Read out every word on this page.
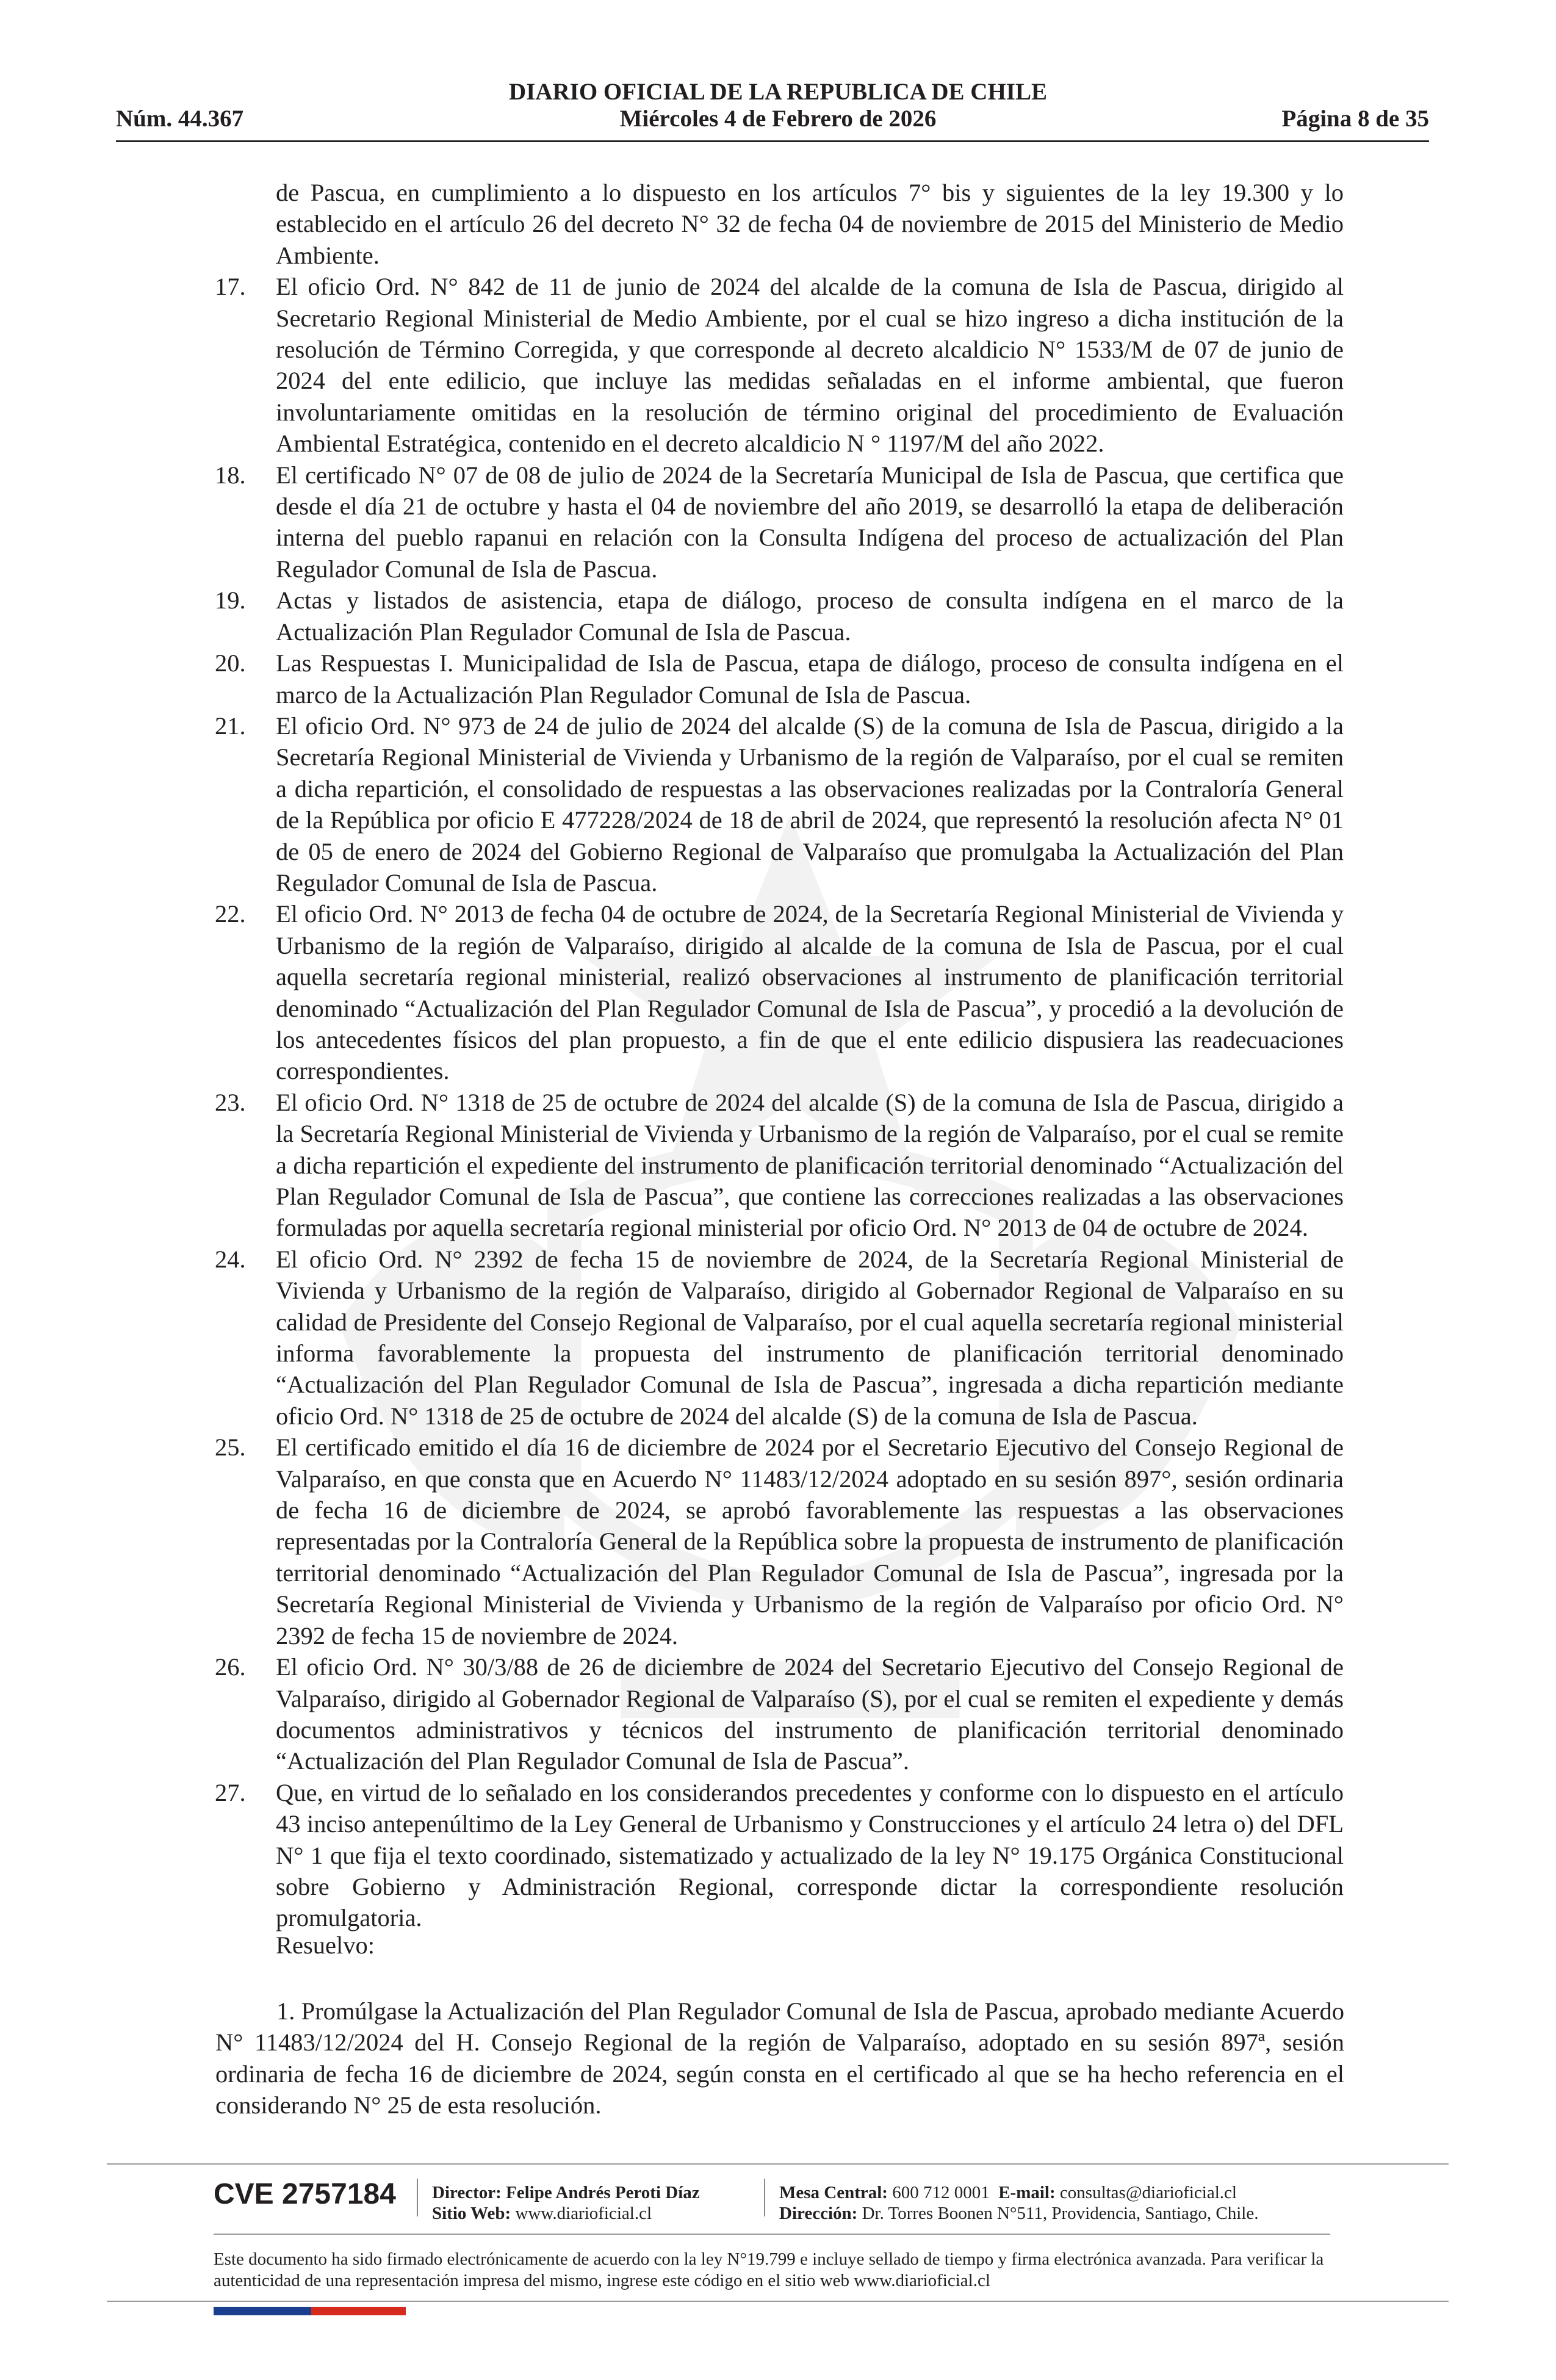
DIARIO OFICIAL DE LA REPUBLICA DE CHILE
Núm. 44.367	Miércoles 4 de Febrero de 2026	Página 8 de 35
de Pascua, en cumplimiento a lo dispuesto en los artículos 7° bis y siguientes de la ley 19.300 y lo establecido en el artículo 26 del decreto N° 32 de fecha 04 de noviembre de 2015 del Ministerio de Medio Ambiente.
17. El oficio Ord. N° 842 de 11 de junio de 2024 del alcalde de la comuna de Isla de Pascua, dirigido al Secretario Regional Ministerial de Medio Ambiente, por el cual se hizo ingreso a dicha institución de la resolución de Término Corregida, y que corresponde al decreto alcaldicio N° 1533/M de 07 de junio de 2024 del ente edilicio, que incluye las medidas señaladas en el informe ambiental, que fueron involuntariamente omitidas en la resolución de término original del procedimiento de Evaluación Ambiental Estratégica, contenido en el decreto alcaldicio N ° 1197/M del año 2022.
18. El certificado N° 07 de 08 de julio de 2024 de la Secretaría Municipal de Isla de Pascua, que certifica que desde el día 21 de octubre y hasta el 04 de noviembre del año 2019, se desarrolló la etapa de deliberación interna del pueblo rapanui en relación con la Consulta Indígena del proceso de actualización del Plan Regulador Comunal de Isla de Pascua.
19. Actas y listados de asistencia, etapa de diálogo, proceso de consulta indígena en el marco de la Actualización Plan Regulador Comunal de Isla de Pascua.
20. Las Respuestas I. Municipalidad de Isla de Pascua, etapa de diálogo, proceso de consulta indígena en el marco de la Actualización Plan Regulador Comunal de Isla de Pascua.
21. El oficio Ord. N° 973 de 24 de julio de 2024 del alcalde (S) de la comuna de Isla de Pascua, dirigido a la Secretaría Regional Ministerial de Vivienda y Urbanismo de la región de Valparaíso, por el cual se remiten a dicha repartición, el consolidado de respuestas a las observaciones realizadas por la Contraloría General de la República por oficio E 477228/2024 de 18 de abril de 2024, que representó la resolución afecta N° 01 de 05 de enero de 2024 del Gobierno Regional de Valparaíso que promulgaba la Actualización del Plan Regulador Comunal de Isla de Pascua.
22. El oficio Ord. N° 2013 de fecha 04 de octubre de 2024, de la Secretaría Regional Ministerial de Vivienda y Urbanismo de la región de Valparaíso, dirigido al alcalde de la comuna de Isla de Pascua, por el cual aquella secretaría regional ministerial, realizó observaciones al instrumento de planificación territorial denominado “Actualización del Plan Regulador Comunal de Isla de Pascua”, y procedió a la devolución de los antecedentes físicos del plan propuesto, a fin de que el ente edilicio dispusiera las readecuaciones correspondientes.
23. El oficio Ord. N° 1318 de 25 de octubre de 2024 del alcalde (S) de la comuna de Isla de Pascua, dirigido a la Secretaría Regional Ministerial de Vivienda y Urbanismo de la región de Valparaíso, por el cual se remite a dicha repartición el expediente del instrumento de planificación territorial denominado “Actualización del Plan Regulador Comunal de Isla de Pascua”, que contiene las correcciones realizadas a las observaciones formuladas por aquella secretaría regional ministerial por oficio Ord. N° 2013 de 04 de octubre de 2024.
24. El oficio Ord. N° 2392 de fecha 15 de noviembre de 2024, de la Secretaría Regional Ministerial de Vivienda y Urbanismo de la región de Valparaíso, dirigido al Gobernador Regional de Valparaíso en su calidad de Presidente del Consejo Regional de Valparaíso, por el cual aquella secretaría regional ministerial informa favorablemente la propuesta del instrumento de planificación territorial denominado “Actualización del Plan Regulador Comunal de Isla de Pascua”, ingresada a dicha repartición mediante oficio Ord. N° 1318 de 25 de octubre de 2024 del alcalde (S) de la comuna de Isla de Pascua.
25. El certificado emitido el día 16 de diciembre de 2024 por el Secretario Ejecutivo del Consejo Regional de Valparaíso, en que consta que en Acuerdo N° 11483/12/2024 adoptado en su sesión 897°, sesión ordinaria de fecha 16 de diciembre de 2024, se aprobó favorablemente las respuestas a las observaciones representadas por la Contraloría General de la República sobre la propuesta de instrumento de planificación territorial denominado “Actualización del Plan Regulador Comunal de Isla de Pascua”, ingresada por la Secretaría Regional Ministerial de Vivienda y Urbanismo de la región de Valparaíso por oficio Ord. N° 2392 de fecha 15 de noviembre de 2024.
26. El oficio Ord. N° 30/3/88 de 26 de diciembre de 2024 del Secretario Ejecutivo del Consejo Regional de Valparaíso, dirigido al Gobernador Regional de Valparaíso (S), por el cual se remiten el expediente y demás documentos administrativos y técnicos del instrumento de planificación territorial denominado “Actualización del Plan Regulador Comunal de Isla de Pascua”.
27. Que, en virtud de lo señalado en los considerandos precedentes y conforme con lo dispuesto en el artículo 43 inciso antepenúltimo de la Ley General de Urbanismo y Construcciones y el artículo 24 letra o) del DFL N° 1 que fija el texto coordinado, sistematizado y actualizado de la ley N° 19.175 Orgánica Constitucional sobre Gobierno y Administración Regional, corresponde dictar la correspondiente resolución promulgatoria.
Resuelvo:
1. Promúlgase la Actualización del Plan Regulador Comunal de Isla de Pascua, aprobado mediante Acuerdo N° 11483/12/2024 del H. Consejo Regional de la región de Valparaíso, adoptado en su sesión 897ª, sesión ordinaria de fecha 16 de diciembre de 2024, según consta en el certificado al que se ha hecho referencia en el considerando N° 25 de esta resolución.
CVE 2757184 Director: Felipe Andrés Peroti Díaz
Sitio Web: www.diarioficial.cl
Mesa Central: 600 712 0001 E-mail: consultas@diarioficial.cl
Dirección: Dr. Torres Boonen N°511, Providencia, Santiago, Chile.
Este documento ha sido firmado electrónicamente de acuerdo con la ley N°19.799 e incluye sellado de tiempo y firma electrónica avanzada. Para verificar la autenticidad de una representación impresa del mismo, ingrese este código en el sitio web www.diarioficial.cl
